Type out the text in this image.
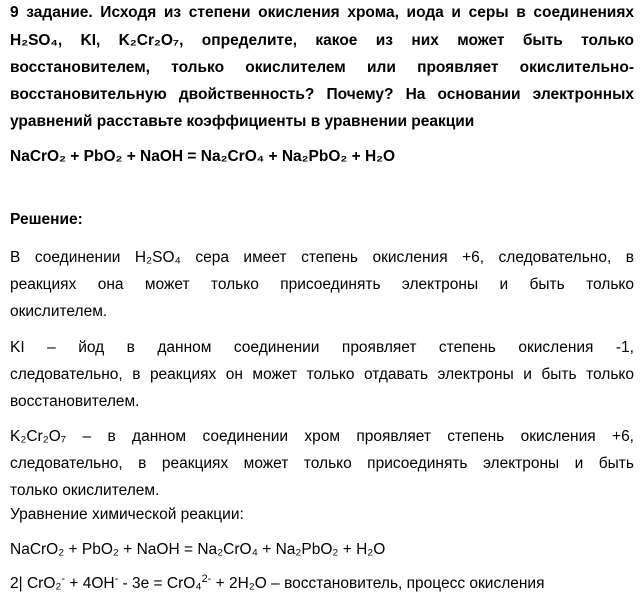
9 задание. Исходя из степени окисления хрома, иода и серы в соединениях
H₂SO₄, KI, K₂Cr₂O₇, определите, какое из них может быть только
восстановителем, только окислителем или проявляет окислительно-
восстановительную двойственность? Почему? На основании электронных
уравнений расставьте коэффициенты в уравнении реакции
NaCrO₂ + PbO₂ + NaOH = Na₂CrO₄ + Na₂PbO₂ + H₂O
Решение:
В соединении H₂SO₄ сера имеет степень окисления +6, следовательно, в
реакциях она может только присоединять электроны и быть только
окислителем.
KI – йод в данном соединении проявляет степень окисления -1,
следовательно, в реакциях он может только отдавать электроны и быть только
восстановителем.
K₂Cr₂O₇ – в данном соединении хром проявляет степень окисления +6,
следовательно, в реакциях может только присоединять электроны и быть
только окислителем.
Уравнение химической реакции:
NaCrO₂ + PbO₂ + NaOH = Na₂CrO₄ + Na₂PbO₂ + H₂O
2| CrO₂- + 4OH- - 3e = CrO₄$^{2-}$ + 2H₂O – восстановитель, процесс окисления
